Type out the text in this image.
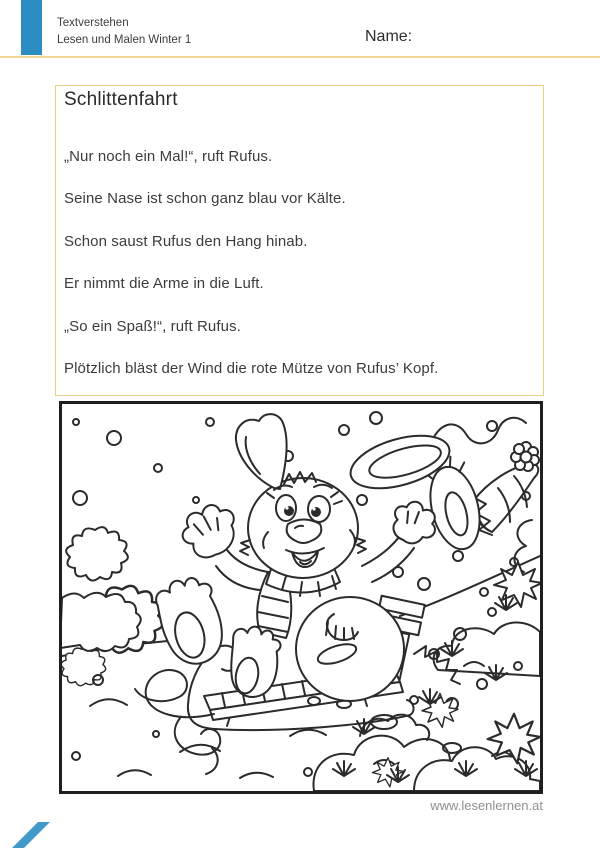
Textverstehen
Lesen und Malen Winter 1	Name:
Schlittenfahrt

„Nur noch ein Mal!“, ruft Rufus.

Seine Nase ist schon ganz blau vor Kälte.

Schon saust Rufus den Hang hinab.

Er nimmt die Arme in die Luft.

„So ein Spaß!“, ruft Rufus.

Plötzlich bläst der Wind die rote Mütze von Rufus’ Kopf.

www.lesenlernen.at
